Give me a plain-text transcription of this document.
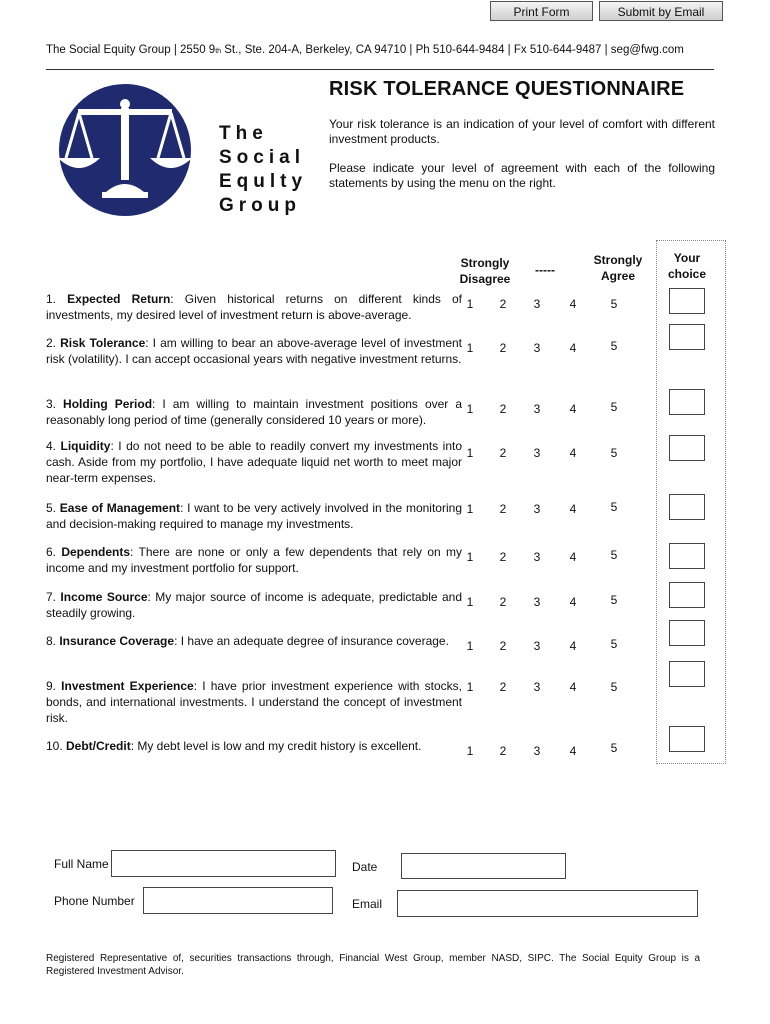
Print Form	Submit by Email
The Social Equity Group | 2550 9th St., Ste. 204-A, Berkeley, CA 94710 | Ph 510-644-9484 | Fx 510-644-9487 | seg@fwg.com
The
Social
Equlty
Group
RISK TOLERANCE QUESTIONNAIRE
Your risk tolerance is an indication of your level of comfort with different investment products.
Please indicate your level of agreement with each of the following statements by using the menu on the right.
Strongly Disagree
-----
Strongly Agree
Your choice
1. Expected Return: Given historical returns on different kinds of investments, my desired level of investment return is above-average.
1	2	3	4	5
2. Risk Tolerance: I am willing to bear an above-average level of investment risk (volatility). I can accept occasional years with negative investment returns.
1	2	3	4	5
3. Holding Period: I am willing to maintain investment positions over a reasonably long period of time (generally considered 10 years or more).
1	2	3	4	5
4. Liquidity: I do not need to be able to readily convert my investments into cash. Aside from my portfolio, I have adequate liquid net worth to meet major near-term expenses.
1	2	3	4	5
5. Ease of Management: I want to be very actively involved in the monitoring and decision-making required to manage my investments.
1	2	3	4	5
6. Dependents: There are none or only a few dependents that rely on my income and my investment portfolio for support.
1	2	3	4	5
7. Income Source: My major source of income is adequate, predictable and steadily growing.
1	2	3	4	5
8. Insurance Coverage: I have an adequate degree of insurance coverage.	1	2	3	4	5
9. Investment Experience: I have prior investment experience with stocks, bonds, and international investments. I understand the concept of investment risk.
1	2	3	4	5
10. Debt/Credit: My debt level is low and my credit history is excellent.	1	2	3	4	5
Full Name	Date
Phone Number	Email
Registered Representative of, securities transactions through, Financial West Group, member NASD, SIPC. The Social Equity Group is a Registered Investment Advisor.
